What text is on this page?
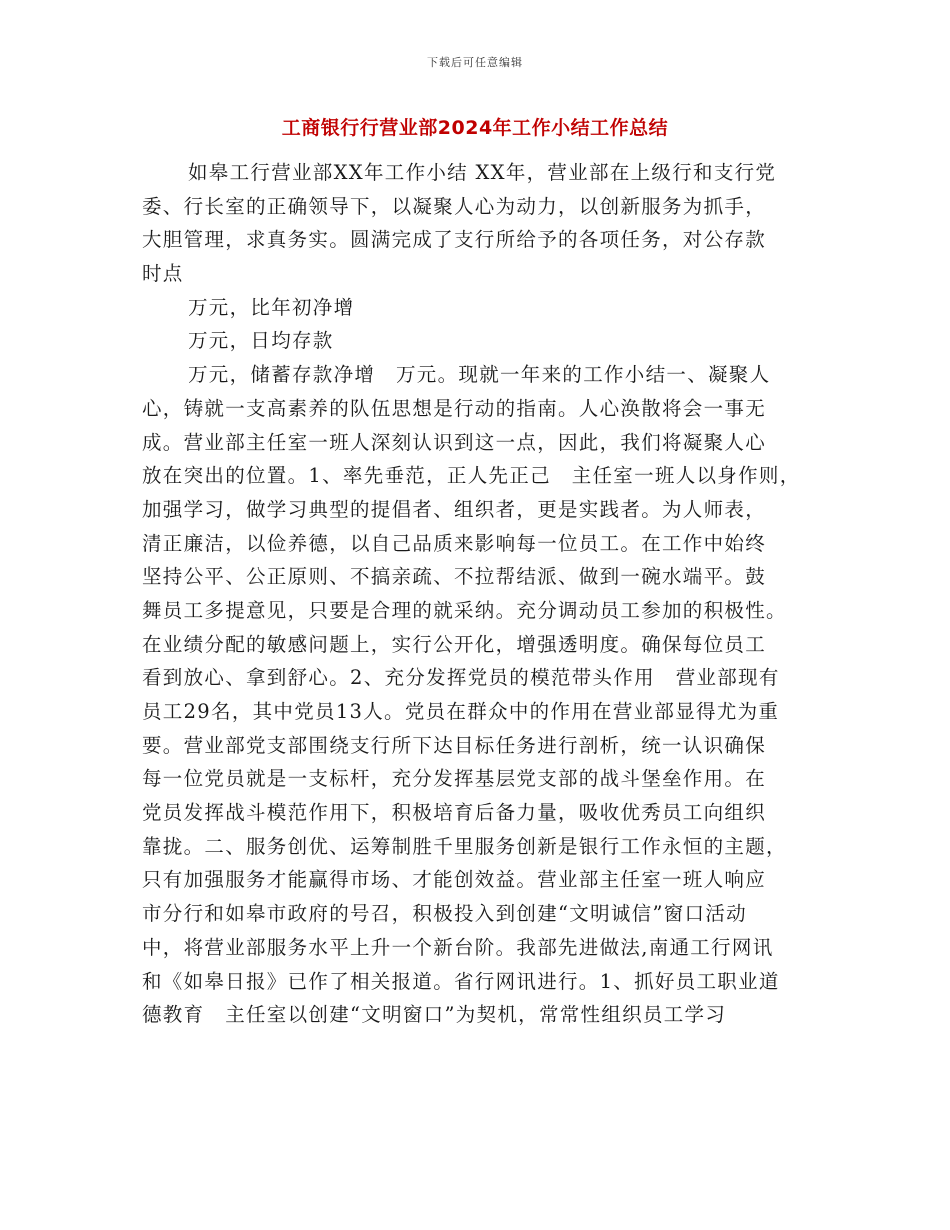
下载后可任意编辑
工商银行行营业部2024年工作小结工作总结
如皋工行营业部XX年工作小结 XX年，营业部在上级行和支行党
委、行长室的正确领导下，以凝聚人心为动力，以创新服务为抓手，
大胆管理，求真务实。圆满完成了支行所给予的各项任务，对公存款
时点
万元，比年初净增
万元，日均存款
万元，储蓄存款净增　万元。现就一年来的工作小结一、凝聚人
心，铸就一支高素养的队伍思想是行动的指南。人心涣散将会一事无
成。营业部主任室一班人深刻认识到这一点，因此，我们将凝聚人心
放在突出的位置。1、率先垂范，正人先正己　主任室一班人以身作则，
加强学习，做学习典型的提倡者、组织者，更是实践者。为人师表，
清正廉洁，以俭养德，以自己品质来影响每一位员工。在工作中始终
坚持公平、公正原则、不搞亲疏、不拉帮结派、做到一碗水端平。鼓
舞员工多提意见，只要是合理的就采纳。充分调动员工参加的积极性。
在业绩分配的敏感问题上，实行公开化，增强透明度。确保每位员工
看到放心、拿到舒心。2、充分发挥党员的模范带头作用　营业部现有
员工29名，其中党员13人。党员在群众中的作用在营业部显得尤为重
要。营业部党支部围绕支行所下达目标任务进行剖析，统一认识确保
每一位党员就是一支标杆，充分发挥基层党支部的战斗堡垒作用。在
党员发挥战斗模范作用下，积极培育后备力量，吸收优秀员工向组织
靠拢。二、服务创优、运筹制胜千里服务创新是银行工作永恒的主题，
只有加强服务才能赢得市场、才能创效益。营业部主任室一班人响应
市分行和如皋市政府的号召，积极投入到创建“文明诚信”窗口活动
中，将营业部服务水平上升一个新台阶。我部先进做法,南通工行网讯
和《如皋日报》已作了相关报道。省行网讯进行。1、抓好员工职业道
德教育　主任室以创建“文明窗口”为契机，常常性组织员工学习
